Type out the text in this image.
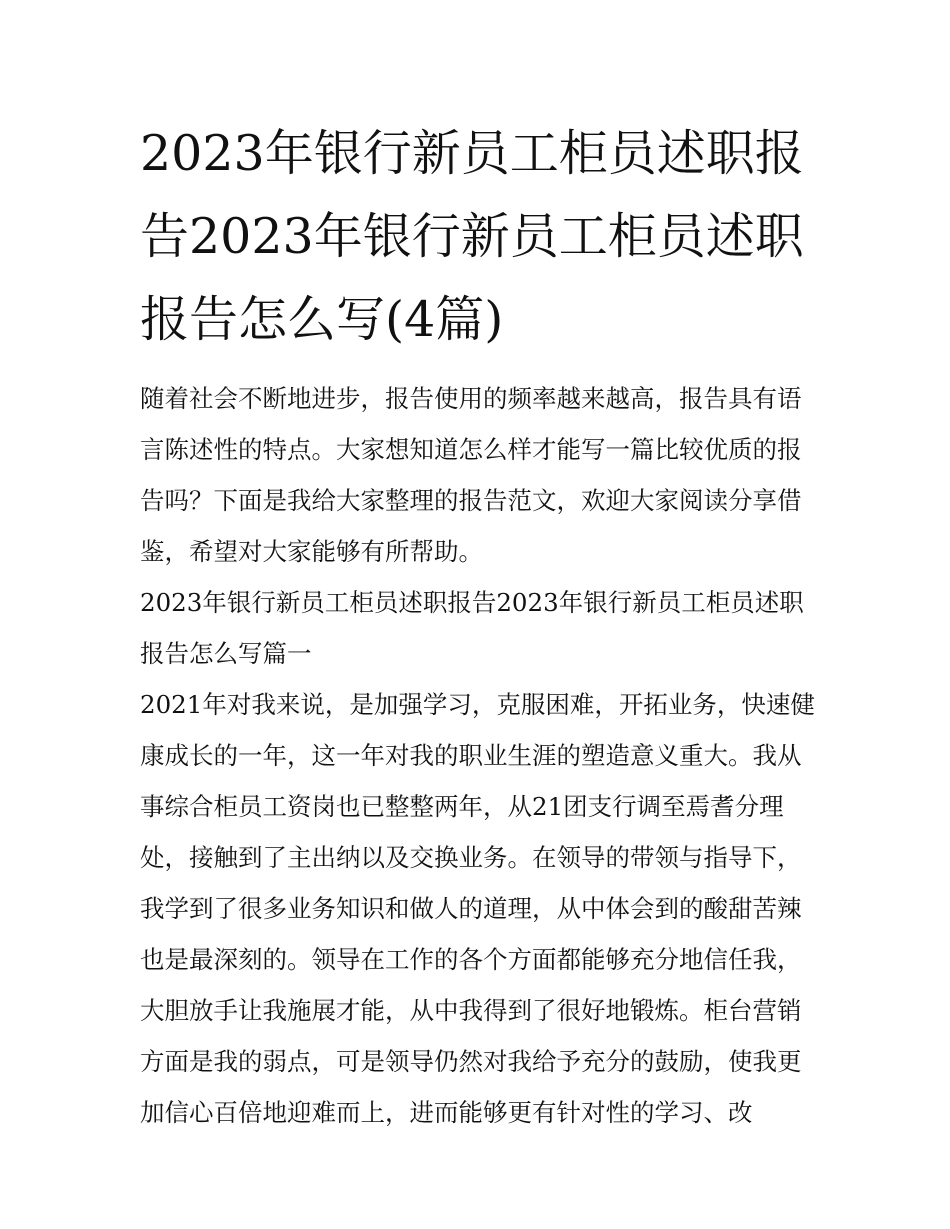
2023年银行新员工柜员述职报告2023年银行新员工柜员述职报告怎么写(4篇)

随着社会不断地进步，报告使用的频率越来越高，报告具有语言陈述性的特点。大家想知道怎么样才能写一篇比较优质的报告吗？下面是我给大家整理的报告范文，欢迎大家阅读分享借鉴，希望对大家能够有所帮助。

2023年银行新员工柜员述职报告2023年银行新员工柜员述职报告怎么写篇一

2021年对我来说，是加强学习，克服困难，开拓业务，快速健康成长的一年，这一年对我的职业生涯的塑造意义重大。我从事综合柜员工资岗也已整整两年，从21团支行调至焉耆分理处，接触到了主出纳以及交换业务。在领导的带领与指导下，我学到了很多业务知识和做人的道理，从中体会到的酸甜苦辣也是最深刻的。领导在工作的各个方面都能够充分地信任我，大胆放手让我施展才能，从中我得到了很好地锻炼。柜台营销方面是我的弱点，可是领导仍然对我给予充分的鼓励，使我更加信心百倍地迎难而上，进而能够更有针对性的学习、改
